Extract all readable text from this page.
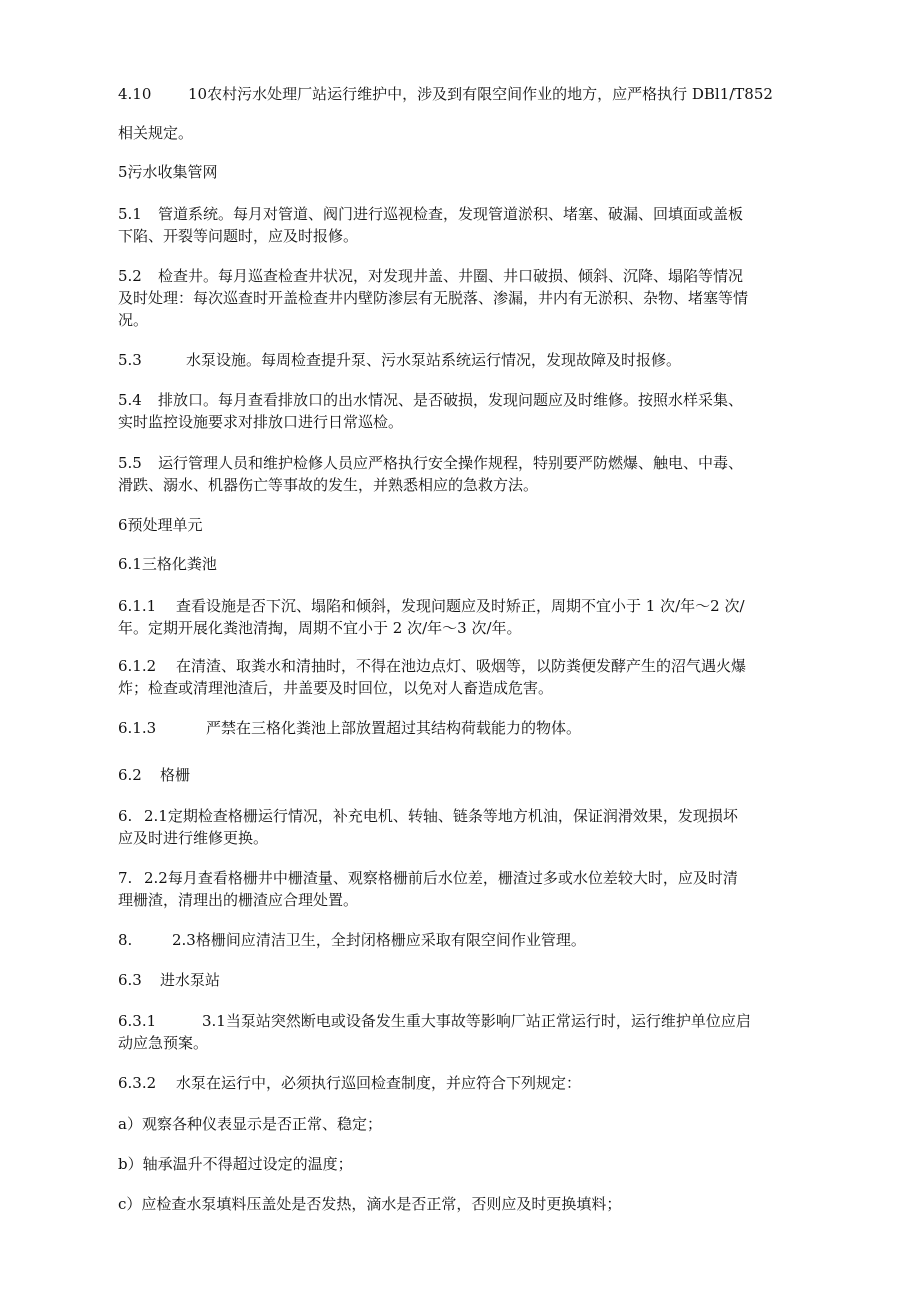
4.10 10农村污水处理厂站运行维护中，涉及到有限空间作业的地方，应严格执行 DBl1/T852
相关规定。
5污水收集管网
5.1 管道系统。每月对管道、阀门进行巡视检查，发现管道淤积、堵塞、破漏、回填面或盖板
下陷、开裂等问题时，应及时报修。
5.2 检查井。每月巡查检查井状况，对发现井盖、井圈、井口破损、倾斜、沉降、塌陷等情况
及时处理：每次巡查时开盖检查井内壁防渗层有无脱落、渗漏，井内有无淤积、杂物、堵塞等情
况。
5.3	水泵设施。每周检查提升泵、污水泵站系统运行情况，发现故障及时报修。
5.4 排放口。每月查看排放口的出水情况、是否破损，发现问题应及时维修。按照水样采集、
实时监控设施要求对排放口进行日常巡检。
5.5 运行管理人员和维护检修人员应严格执行安全操作规程，特别要严防燃爆、触电、中毒、
滑跌、溺水、机器伤亡等事故的发生，并熟悉相应的急救方法。
6预处理单元
6.1三格化粪池
6.1.1 查看设施是否下沉、塌陷和倾斜，发现问题应及时矫正，周期不宜小于 1 次/年～2 次/
年。定期开展化粪池清掏，周期不宜小于 2 次/年～3 次/年。
6.1.2 在清渣、取粪水和清抽时，不得在池边点灯、吸烟等，以防粪便发酵产生的沼气遇火爆
炸；检查或清理池渣后，井盖要及时回位，以免对人畜造成危害。
6.1.3	严禁在三格化粪池上部放置超过其结构荷载能力的物体。
6.2 格栅
6. 2.1定期检查格栅运行情况，补充电机、转轴、链条等地方机油，保证润滑效果，发现损坏
应及时进行维修更换。
7. 2.2每月查看格栅井中栅渣量、观察格栅前后水位差，栅渣过多或水位差较大时，应及时清
理栅渣，清理出的栅渣应合理处置。
8.	2.3格栅间应清洁卫生，全封闭格栅应采取有限空间作业管理。
6.3 进水泵站
6.3.1	3.1当泵站突然断电或设备发生重大事故等影响厂站正常运行时，运行维护单位应启
动应急预案。
6.3.2 水泵在运行中，必须执行巡回检查制度，并应符合下列规定：
a）观察各种仪表显示是否正常、稳定；
b）轴承温升不得超过设定的温度；
c）应检查水泵填料压盖处是否发热，滴水是否正常，否则应及时更换填料；
